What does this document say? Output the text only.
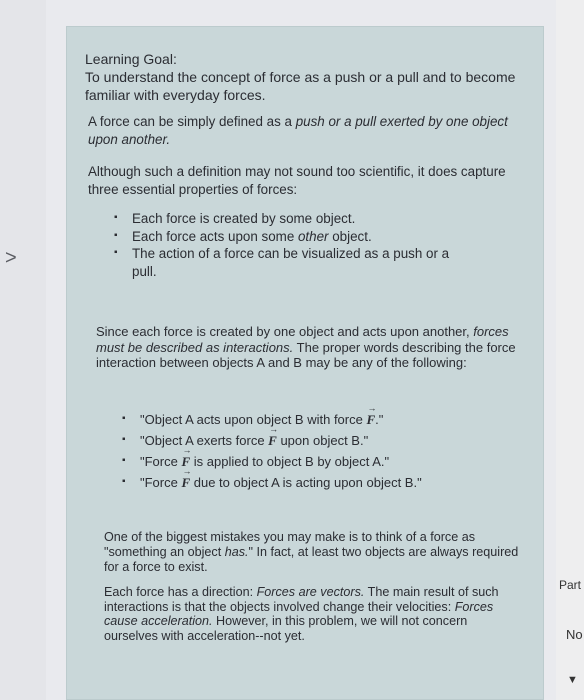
>
Learning Goal:
To understand the concept of force as a push or a pull and to become familiar with everyday forces.
A force can be simply defined as a push or a pull exerted by one object upon another.
Although such a definition may not sound too scientific, it does capture three essential properties of forces:
▪ Each force is created by some object.
▪ Each force acts upon some other object.
▪ The action of a force can be visualized as a push or a pull.
Since each force is created by one object and acts upon another, forces must be described as interactions. The proper words describing the force interaction between objects A and B may be any of the following:
▪ "Object A acts upon object B with force → F."
▪ "Object A exerts force → F upon object B."
▪ "Force → F is applied to object B by object A."
▪ "Force → F due to object A is acting upon object B."
One of the biggest mistakes you may make is to think of a force as "something an object has." In fact, at least two objects are always required for a force to exist.
Each force has a direction: Forces are vectors. The main result of such interactions is that the objects involved change their velocities: Forces cause acceleration. However, in this problem, we will not concern ourselves with acceleration--not yet.
Part
No
▼
